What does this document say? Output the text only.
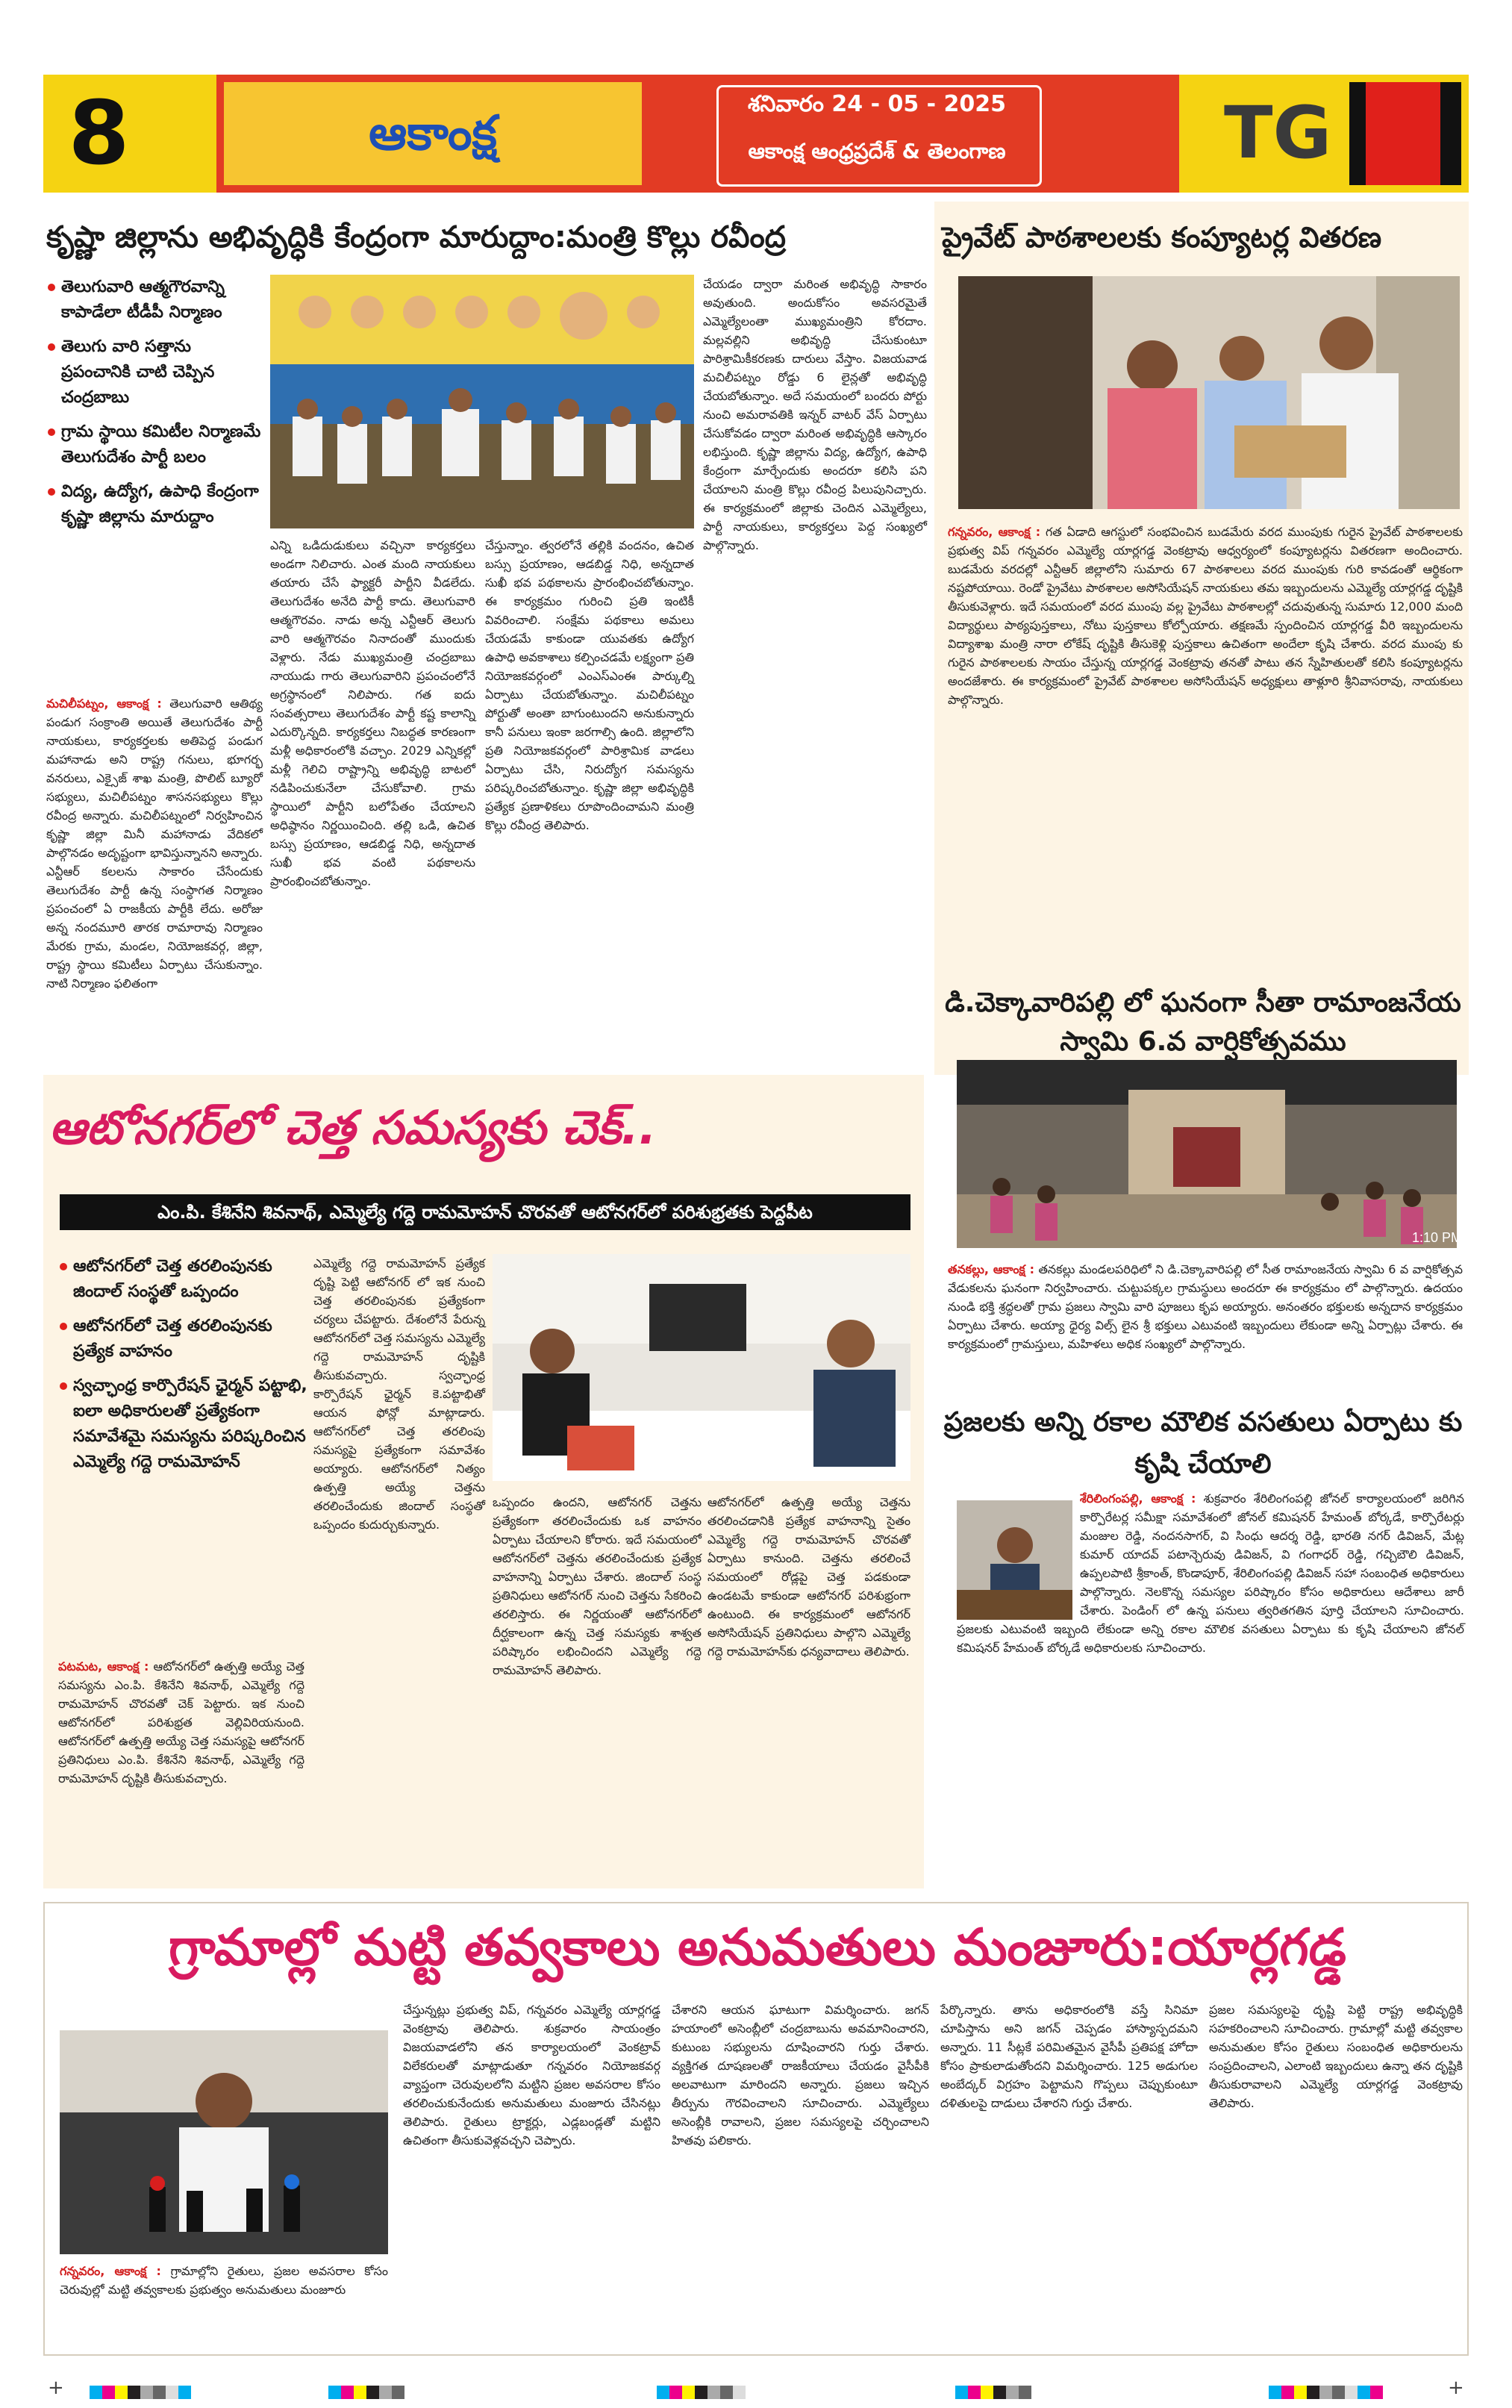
8	ఆకాంక్ష
శనివారం 24 - 05 - 2025
ఆకాంక్ష ఆంధ్రప్రదేశ్ & తెలంగాణ	TG
కృష్ణా జిల్లాను అభివృద్ధికి కేంద్రంగా మారుద్దాం:మంత్రి కొల్లు రవీంద్ర
తెలుగువారి ఆత్మగౌరవాన్ని కాపాడేలా టీడీపీ నిర్మాణం
తెలుగు వారి సత్తాను ప్రపంచానికి చాటి చెప్పిన చంద్రబాబు
గ్రామ స్థాయి కమిటీల నిర్మాణమే తెలుగుదేశం పార్టీ బలం
విద్య, ఉద్యోగ, ఉపాధి కేంద్రంగా కృష్ణా జిల్లాను మారుద్దాం
మచిలీపట్నం, ఆకాంక్ష : తెలుగువారి ఆతిథ్య పండుగ సంక్రాంతి అయితే తెలుగుదేశం పార్టీ నాయకులు, కార్యకర్తలకు అతిపెద్ద పండుగ మహానాడు అని రాష్ట్ర గనులు, భూగర్భ వనరులు, ఎక్సైజ్ శాఖ మంత్రి, పొలిట్ బ్యూరో సభ్యులు, మచిలీపట్నం శాసనసభ్యులు కొల్లు రవీంద్ర అన్నారు. మచిలీపట్నంలో నిర్వహించిన కృష్ణా జిల్లా మినీ మహానాడు వేదికలో పాల్గొనడం అదృష్టంగా భావిస్తున్నానని అన్నారు. ఎన్టీఆర్ కలలను సాకారం చేసేందుకు తెలుగుదేశం పార్టీ ఉన్న సంస్థాగత నిర్మాణం ప్రపంచంలో ఏ రాజకీయ పార్టీకి లేదు. అరోజు అన్న నందమూరి తారక రామారావు నిర్మాణం మేరకు గ్రామ, మండల, నియోజకవర్గ, జిల్లా, రాష్ట్ర స్థాయి కమిటీలు ఏర్పాటు చేసుకున్నాం. నాటి నిర్మాణం ఫలితంగా
ఎన్ని ఒడిదుడుకులు వచ్చినా కార్యకర్తలు అండగా నిలిచారు. ఎంత మంది నాయకులు తయారు చేసే ఫ్యాక్టరీ పార్టీని వీడలేదు. తెలుగుదేశం అనేది పార్టీ కాదు. తెలుగువారి ఆత్మగౌరవం. నాడు అన్న ఎన్టీఆర్ తెలుగు వారి ఆత్మగౌరవం నినాదంతో ముందుకు వెళ్లారు. నేడు ముఖ్యమంత్రి చంద్రబాబు నాయుడు గారు తెలుగువారిని ప్రపంచంలోనే అగ్రస్థానంలో నిలిపారు. గత ఐదు సంవత్సరాలు తెలుగుదేశం పార్టీ కష్ట కాలాన్ని ఎదుర్కొన్నది. కార్యకర్తలు నిబద్ధత కారణంగా మళ్లీ అధికారంలోకి వచ్చాం. 2029 ఎన్నికల్లో మళ్లీ గెలిచి రాష్ట్రాన్ని అభివృద్ధి బాటలో నడిపించుకునేలా చేసుకోవాలి. గ్రామ స్థాయిలో పార్టీని బలోపేతం చేయాలని అధిష్ఠానం నిర్ణయించింది. తల్లి ఒడి, ఉచిత బస్సు ప్రయాణం, ఆడబిడ్డ నిధి, అన్నదాత సుఖీ భవ వంటి పథకాలను ప్రారంభించబోతున్నాం.
చేస్తున్నాం. త్వరలోనే తల్లికి వందనం, ఉచిత బస్సు ప్రయాణం, ఆడబిడ్డ నిధి, అన్నదాత సుఖీ భవ పథకాలను ప్రారంభించబోతున్నాం. ఈ కార్యక్రమం గురించి ప్రతి ఇంటికీ వివరించాలి. సంక్షేమ పథకాలు అమలు చేయడమే కాకుండా యువతకు ఉద్యోగ ఉపాధి అవకాశాలు కల్పించడమే లక్ష్యంగా ప్రతి నియోజకవర్గంలో ఎంఎస్ఎంఈ పార్కుల్ని ఏర్పాటు చేయబోతున్నాం. మచిలీపట్నం పోర్టుతో అంతా బాగుంటుందని అనుకున్నారు కానీ పనులు ఇంకా జరగాల్సి ఉంది. జిల్లాలోని ప్రతి నియోజకవర్గంలో పారిశ్రామిక వాడలు ఏర్పాటు చేసి, నిరుద్యోగ సమస్యను పరిష్కరించబోతున్నాం. కృష్ణా జిల్లా అభివృద్ధికి ప్రత్యేక ప్రణాళికలు రూపొందించామని మంత్రి కొల్లు రవీంద్ర తెలిపారు.
చేయడం ద్వారా మరింత అభివృద్ధి సాకారం అవుతుంది. అందుకోసం అవసరమైతే ఎమ్మెల్యేలంతా ముఖ్యమంత్రిని కోరదాం. మల్లవల్లిని అభివృద్ధి చేసుకుంటూ పారిశ్రామికీకరణకు దారులు వేస్తాం. విజయవాడ మచిలీపట్నం రోడ్డు 6 లైన్లతో అభివృద్ధి చేయబోతున్నాం. అదే సమయంలో బందరు పోర్టు నుంచి అమరావతికి ఇన్నర్ వాటర్ వేస్ ఏర్పాటు చేసుకోవడం ద్వారా మరింత అభివృద్ధికి ఆస్కారం లభిస్తుంది. కృష్ణా జిల్లాను విద్య, ఉద్యోగ, ఉపాధి కేంద్రంగా మార్చేందుకు అందరూ కలిసి పని చేయాలని మంత్రి కొల్లు రవీంద్ర పిలుపునిచ్చారు. ఈ కార్యక్రమంలో జిల్లాకు చెందిన ఎమ్మెల్యేలు, పార్టీ నాయకులు, కార్యకర్తలు పెద్ద సంఖ్యలో పాల్గొన్నారు.
ప్రైవేట్ పాఠశాలలకు కంప్యూటర్ల వితరణ
గన్నవరం, ఆకాంక్ష : గత ఏడాది ఆగస్టులో సంభవించిన బుడమేరు వరద ముంపుకు గురైన ప్రైవేట్ పాఠశాలలకు ప్రభుత్వ విప్ గన్నవరం ఎమ్మెల్యే యార్లగడ్డ వెంకట్రావు ఆధ్వర్యంలో కంప్యూటర్లను వితరణగా అందించారు. బుడమేరు వరదల్లో ఎన్టీఆర్ జిల్లాలోని సుమారు 67 పాఠశాలలు వరద ముంపుకు గురి కావడంతో ఆర్థికంగా నష్టపోయాయి. రెండో ప్రైవేటు పాఠశాలల అసోసియేషన్ నాయకులు తమ ఇబ్బందులను ఎమ్మెల్యే యార్లగడ్డ దృష్టికి తీసుకువెళ్లారు. ఇదే సమయంలో వరద ముంపు వల్ల ప్రైవేటు పాఠశాలల్లో చదువుతున్న సుమారు 12,000 మంది విద్యార్థులు పాఠ్యపుస్తకాలు, నోటు పుస్తకాలు కోల్పోయారు. తక్షణమే స్పందించిన యార్లగడ్డ వీరి ఇబ్బందులను విద్యాశాఖ మంత్రి నారా లోకేష్ దృష్టికి తీసుకెళ్లి పుస్తకాలు ఉచితంగా అందేలా కృషి చేశారు. వరద ముంపు కు గురైన పాఠశాలలకు సాయం చేస్తున్న యార్లగడ్డ వెంకట్రావు తనతో పాటు తన స్నేహితులతో కలిసి కంప్యూటర్లను అందజేశారు. ఈ కార్యక్రమంలో ప్రైవేట్ పాఠశాలల అసోసియేషన్ అధ్యక్షులు తాళ్లూరి శ్రీనివాసరావు, నాయకులు పాల్గొన్నారు.
డి.చెక్కావారిపల్లి లో ఘనంగా సీతా రామాంజనేయ స్వామి 6.వ వార్షికోత్సవము
1:10 PM
తనకల్లు, ఆకాంక్ష : తనకల్లు మండలపరిధిలో ని డి.చెక్కావారిపల్లి లో సీత రామాంజనేయ స్వామి 6 వ వార్షికోత్సవ వేడుకలను ఘనంగా నిర్వహించారు. చుట్టుపక్కల గ్రామస్థులు అందరూ ఈ కార్యక్రమం లో పాల్గొన్నారు. ఉదయం నుండి భక్తి శ్రద్ధలతో గ్రామ ప్రజలు స్వామి వారి పూజలు కృప అయ్యారు. అనంతరం భక్తులకు అన్నదాన కార్యక్రమం ఏర్పాటు చేశారు. అయ్యా ధైర్య విల్స్ లైన శ్రీ భక్తులు ఎటువంటి ఇబ్బందులు లేకుండా అన్ని ఏర్పాట్లు చేశారు. ఈ కార్యక్రమంలో గ్రామస్తులు, మహిళలు అధిక సంఖ్యలో పాల్గొన్నారు.
ప్రజలకు అన్ని రకాల మౌలిక వసతులు ఏర్పాటు కు కృషి చేయాలి
శేరిలింగంపల్లి, ఆకాంక్ష : శుక్రవారం శేరిలింగంపల్లి జోనల్ కార్యాలయంలో జరిగిన కార్పొరేటర్ల సమీక్షా సమావేశంలో జోనల్ కమిషనర్ హేమంత్ బోర్కడే, కార్పొరేటర్లు మంజుల రెడ్డి, నందనసాగర్, వి సింధు ఆదర్శ రెడ్డి, భారతి నగర్ డివిజన్, మేట్ల కుమార్ యాదవ్ పటాన్చెరువు డివిజన్, వి గంగాధర్ రెడ్డి, గచ్చిబౌలి డివిజన్, ఉప్పలపాటి శ్రీకాంత్, కొండాపూర్, శేరిలింగంపల్లి డివిజన్ సహా సంబంధిత అధికారులు పాల్గొన్నారు. నెలకొన్న సమస్యల పరిష్కారం కోసం అధికారులు ఆదేశాలు జారీ చేశారు. పెండింగ్ లో ఉన్న పనులు త్వరితగతిన పూర్తి చేయాలని సూచించారు. ప్రజలకు ఎటువంటి ఇబ్బంది లేకుండా అన్ని రకాల మౌలిక వసతులు ఏర్పాటు కు కృషి చేయాలని జోనల్ కమిషనర్ హేమంత్ బోర్కడే అధికారులకు సూచించారు.
ఆటోనగర్‌లో చెత్త సమస్యకు చెక్..
ఎం.పి. కేశినేని శివనాథ్, ఎమ్మెల్యే గద్దె రామమోహన్ చొరవతో ఆటోనగర్‌లో పరిశుభ్రతకు పెద్దపీట
ఆటోనగర్‌లో చెత్త తరలింపునకు జిందాల్ సంస్థతో ఒప్పందం
ఆటోనగర్‌లో చెత్త తరలింపునకు ప్రత్యేక వాహనం
స్వచ్ఛాంధ్ర కార్పొరేషన్ ఛైర్మన్ పట్టాభి, ఐలా అధికారులతో ప్రత్యేకంగా సమావేశమై సమస్యను పరిష్కరించిన ఎమ్మెల్యే గద్దె రామమోహన్
పటమట, ఆకాంక్ష : ఆటోనగర్‌లో ఉత్పత్తి అయ్యే చెత్త సమస్యను ఎం.పి. కేశినేని శివనాథ్, ఎమ్మెల్యే గద్దె రామమోహన్ చొరవతో చెక్ పెట్టారు. ఇక నుంచి ఆటోనగర్‌లో పరిశుభ్రత వెల్లివిరియనుంది. ఆటోనగర్‌లో ఉత్పత్తి అయ్యే చెత్త సమస్యపై ఆటోనగర్ ప్రతినిధులు ఎం.పి. కేశినేని శివనాథ్, ఎమ్మెల్యే గద్దె రామమోహన్ దృష్టికి తీసుకువచ్చారు.
ఎమ్మెల్యే గద్దె రామమోహన్ ప్రత్యేక దృష్టి పెట్టి ఆటోనగర్ లో ఇక నుంచి చెత్త తరలింపునకు ప్రత్యేకంగా చర్యలు చేపట్టారు. దేశంలోనే పేరున్న ఆటోనగర్‌లో చెత్త సమస్యను ఎమ్మెల్యే గద్దె రామమోహన్ దృష్టికి తీసుకువచ్చారు. స్వచ్ఛాంధ్ర కార్పొరేషన్ ఛైర్మన్ కె.పట్టాభితో ఆయన ఫోన్లో మాట్లాడారు. ఆటోనగర్‌లో చెత్త తరలింపు సమస్యపై ప్రత్యేకంగా సమావేశం అయ్యారు. ఆటోనగర్‌లో నిత్యం ఉత్పత్తి అయ్యే చెత్తను తరలించేందుకు జిందాల్ సంస్థతో ఒప్పందం కుదుర్చుకున్నారు.
ఒప్పందం ఉందని, ఆటోనగర్ చెత్తను ప్రత్యేకంగా తరలించేందుకు ఒక వాహనం ఏర్పాటు చేయాలని కోరారు. ఇదే సమయంలో ఆటోనగర్‌లో చెత్తను తరలించేందుకు ప్రత్యేక వాహనాన్ని ఏర్పాటు చేశారు. జిందాల్ సంస్థ ప్రతినిధులు ఆటోనగర్ నుంచి చెత్తను సేకరించి తరలిస్తారు. ఈ నిర్ణయంతో ఆటోనగర్‌లో దీర్ఘకాలంగా ఉన్న చెత్త సమస్యకు శాశ్వత పరిష్కారం లభించిందని ఎమ్మెల్యే గద్దె రామమోహన్ తెలిపారు.
ఆటోనగర్‌లో ఉత్పత్తి అయ్యే చెత్తను తరలించడానికి ప్రత్యేక వాహనాన్ని సైతం ఎమ్మెల్యే గద్దె రామమోహన్ చొరవతో ఏర్పాటు కానుంది. చెత్తను తరలించే సమయంలో రోడ్లపై చెత్త పడకుండా ఉండటమే కాకుండా ఆటోనగర్ పరిశుభ్రంగా ఉంటుంది. ఈ కార్యక్రమంలో ఆటోనగర్ అసోసియేషన్ ప్రతినిధులు పాల్గొని ఎమ్మెల్యే గద్దె రామమోహన్‌కు ధన్యవాదాలు తెలిపారు.
గ్రామాల్లో మట్టి తవ్వకాలు అనుమతులు మంజూరు:యార్లగడ్డ
గన్నవరం, ఆకాంక్ష : గ్రామాల్లోని రైతులు, ప్రజల అవసరాల కోసం చెరువుల్లో మట్టి తవ్వకాలకు ప్రభుత్వం అనుమతులు మంజూరు
చేస్తున్నట్లు ప్రభుత్వ విప్, గన్నవరం ఎమ్మెల్యే యార్లగడ్డ వెంకట్రావు తెలిపారు. శుక్రవారం సాయంత్రం విజయవాడలోని తన కార్యాలయంలో వెంకట్రావ్ విలేకరులతో మాట్లాడుతూ గన్నవరం నియోజకవర్గ వ్యాప్తంగా చెరువులలోని మట్టిని ప్రజల అవసరాల కోసం తరలించుకునేందుకు అనుమతులు మంజూరు చేసినట్లు తెలిపారు. రైతులు ట్రాక్టర్లు, ఎడ్లబండ్లతో మట్టిని ఉచితంగా తీసుకువెళ్లవచ్చని చెప్పారు.
చేశారని ఆయన ఘాటుగా విమర్శించారు. జగన్ హయాంలో అసెంబ్లీలో చంద్రబాబును అవమానించారని, కుటుంబ సభ్యులను దూషించారని గుర్తు చేశారు. వ్యక్తిగత దూషణలతో రాజకీయాలు చేయడం వైసీపీకి అలవాటుగా మారిందని అన్నారు. ప్రజలు ఇచ్చిన తీర్పును గౌరవించాలని సూచించారు. ఎమ్మెల్యేలు అసెంబ్లీకి రావాలని, ప్రజల సమస్యలపై చర్చించాలని హితవు పలికారు.
పేర్కొన్నారు. తాను అధికారంలోకి వస్తే సినిమా చూపిస్తాను అని జగన్ చెప్పడం హాస్యాస్పదమని అన్నారు. 11 సీట్లకే పరిమితమైన వైసీపీ ప్రతిపక్ష హోదా కోసం ప్రాకులాడుతోందని విమర్శించారు. 125 అడుగుల అంబేద్కర్ విగ్రహం పెట్టామని గొప్పలు చెప్పుకుంటూ దళితులపై దాడులు చేశారని గుర్తు చేశారు.
ప్రజల సమస్యలపై దృష్టి పెట్టి రాష్ట్ర అభివృద్ధికి సహకరించాలని సూచించారు. గ్రామాల్లో మట్టి తవ్వకాల అనుమతుల కోసం రైతులు సంబంధిత అధికారులను సంప్రదించాలని, ఎలాంటి ఇబ్బందులు ఉన్నా తన దృష్టికి తీసుకురావాలని ఎమ్మెల్యే యార్లగడ్డ వెంకట్రావు తెలిపారు.
+	+
